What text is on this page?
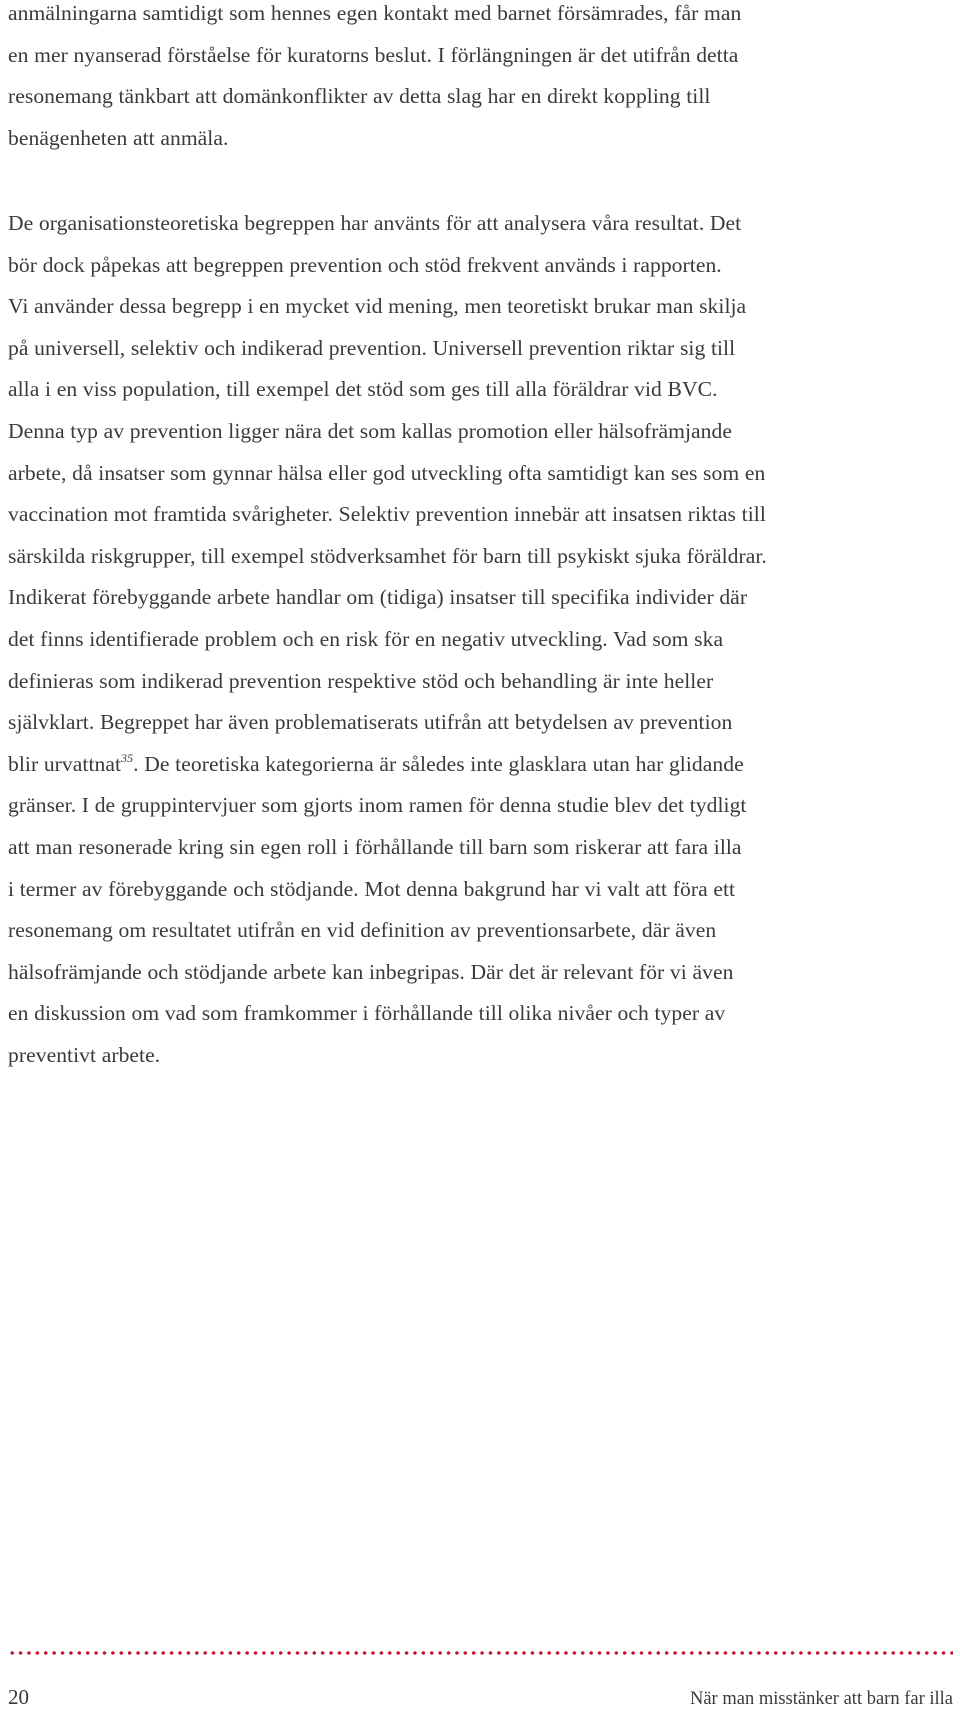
anmälningarna samtidigt som hennes egen kontakt med barnet försämrades, får man
en mer nyanserad förståelse för kuratorns beslut. I förlängningen är det utifrån detta
resonemang tänkbart att domänkonflikter av detta slag har en direkt koppling till
benägenheten att anmäla.

De organisationsteoretiska begreppen har använts för att analysera våra resultat. Det
bör dock påpekas att begreppen prevention och stöd frekvent används i rapporten.
Vi använder dessa begrepp i en mycket vid mening, men teoretiskt brukar man skilja
på universell, selektiv och indikerad prevention. Universell prevention riktar sig till
alla i en viss population, till exempel det stöd som ges till alla föräldrar vid BVC.
Denna typ av prevention ligger nära det som kallas promotion eller hälsofrämjande
arbete, då insatser som gynnar hälsa eller god utveckling ofta samtidigt kan ses som en
vaccination mot framtida svårigheter. Selektiv prevention innebär att insatsen riktas till
särskilda riskgrupper, till exempel stödverksamhet för barn till psykiskt sjuka föräldrar.
Indikerat förebyggande arbete handlar om (tidiga) insatser till specifika individer där
det finns identifierade problem och en risk för en negativ utveckling. Vad som ska
definieras som indikerad prevention respektive stöd och behandling är inte heller
självklart. Begreppet har även problematiserats utifrån att betydelsen av prevention
blir urvattnat$^{35}$. De teoretiska kategorierna är således inte glasklara utan har glidande
gränser. I de gruppintervjuer som gjorts inom ramen för denna studie blev det tydligt
att man resonerade kring sin egen roll i förhållande till barn som riskerar att fara illa
i termer av förebyggande och stödjande. Mot denna bakgrund har vi valt att föra ett
resonemang om resultatet utifrån en vid definition av preventionsarbete, där även
hälsofrämjande och stödjande arbete kan inbegripas. Där det är relevant för vi även
en diskussion om vad som framkommer i förhållande till olika nivåer och typer av
preventivt arbete.

20	När man misstänker att barn far illa
